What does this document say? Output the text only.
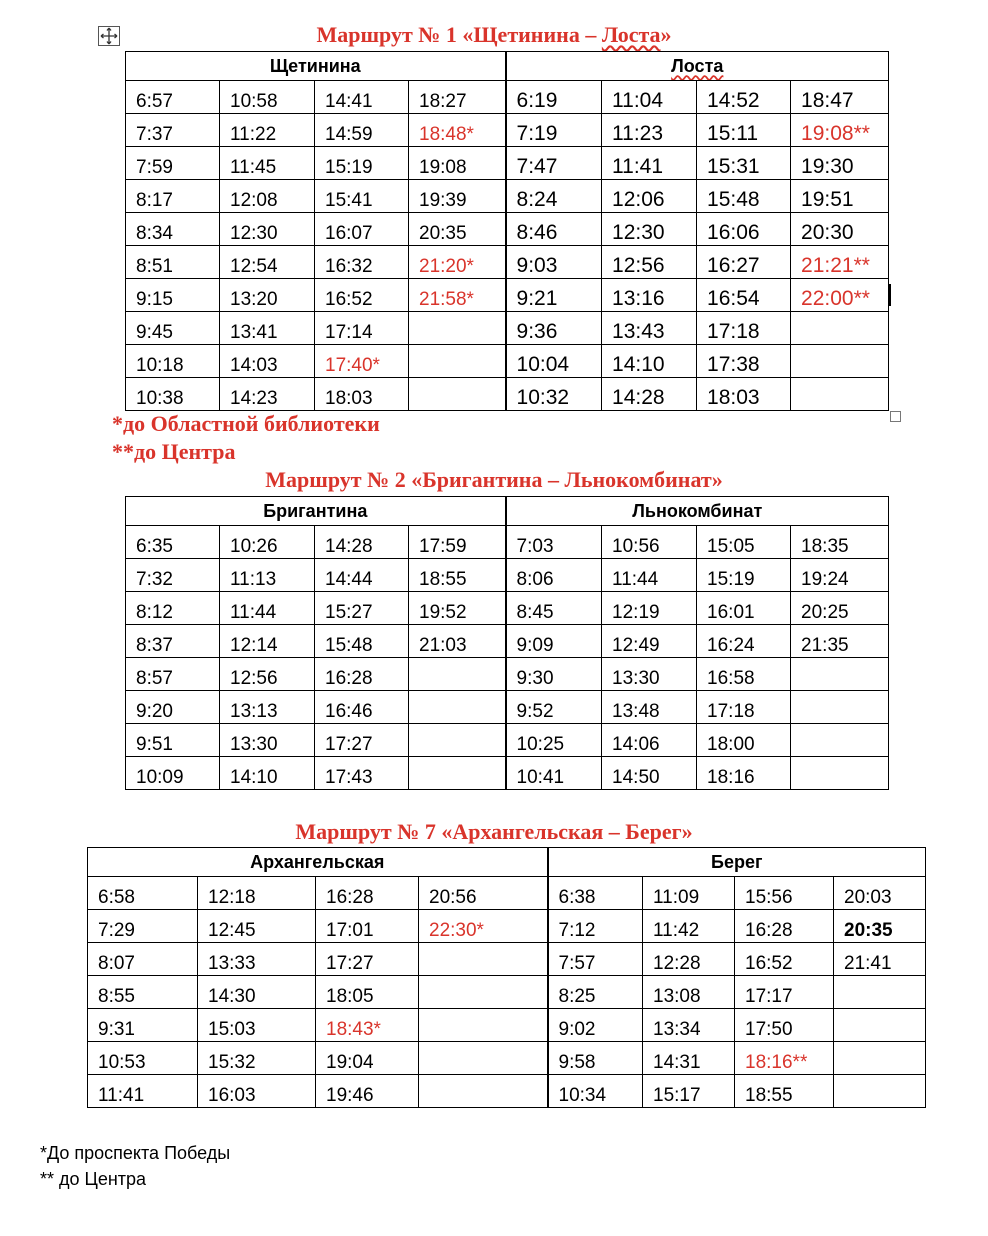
Маршрут № 1 «Щетинина – Лоста»
Щетинина				Лоста			
6:57	10:58	14:41	18:27	6:19	11:04	14:52	18:47
7:37	11:22	14:59	18:48*	7:19	11:23	15:11	19:08**
7:59	11:45	15:19	19:08	7:47	11:41	15:31	19:30
8:17	12:08	15:41	19:39	8:24	12:06	15:48	19:51
8:34	12:30	16:07	20:35	8:46	12:30	16:06	20:30
8:51	12:54	16:32	21:20*	9:03	12:56	16:27	21:21**
9:15	13:20	16:52	21:58*	9:21	13:16	16:54	22:00**
9:45	13:41	17:14		9:36	13:43	17:18	
10:18	14:03	17:40*		10:04	14:10	17:38	
10:38	14:23	18:03		10:32	14:28	18:03	
*до Областной библиотеки
**до Центра
Маршрут № 2 «Бригантина – Льнокомбинат»
Бригантина				Льнокомбинат			
6:35	10:26	14:28	17:59	7:03	10:56	15:05	18:35
7:32	11:13	14:44	18:55	8:06	11:44	15:19	19:24
8:12	11:44	15:27	19:52	8:45	12:19	16:01	20:25
8:37	12:14	15:48	21:03	9:09	12:49	16:24	21:35
8:57	12:56	16:28		9:30	13:30	16:58	
9:20	13:13	16:46		9:52	13:48	17:18	
9:51	13:30	17:27		10:25	14:06	18:00	
10:09	14:10	17:43		10:41	14:50	18:16	
Маршрут № 7 «Архангельская – Берег»
Архангельская				Берег			
6:58	12:18	16:28	20:56	6:38	11:09	15:56	20:03
7:29	12:45	17:01	22:30*	7:12	11:42	16:28	20:35
8:07	13:33	17:27		7:57	12:28	16:52	21:41
8:55	14:30	18:05		8:25	13:08	17:17	
9:31	15:03	18:43*		9:02	13:34	17:50	
10:53	15:32	19:04		9:58	14:31	18:16**	
11:41	16:03	19:46		10:34	15:17	18:55	
*До проспекта Победы
** до Центра
